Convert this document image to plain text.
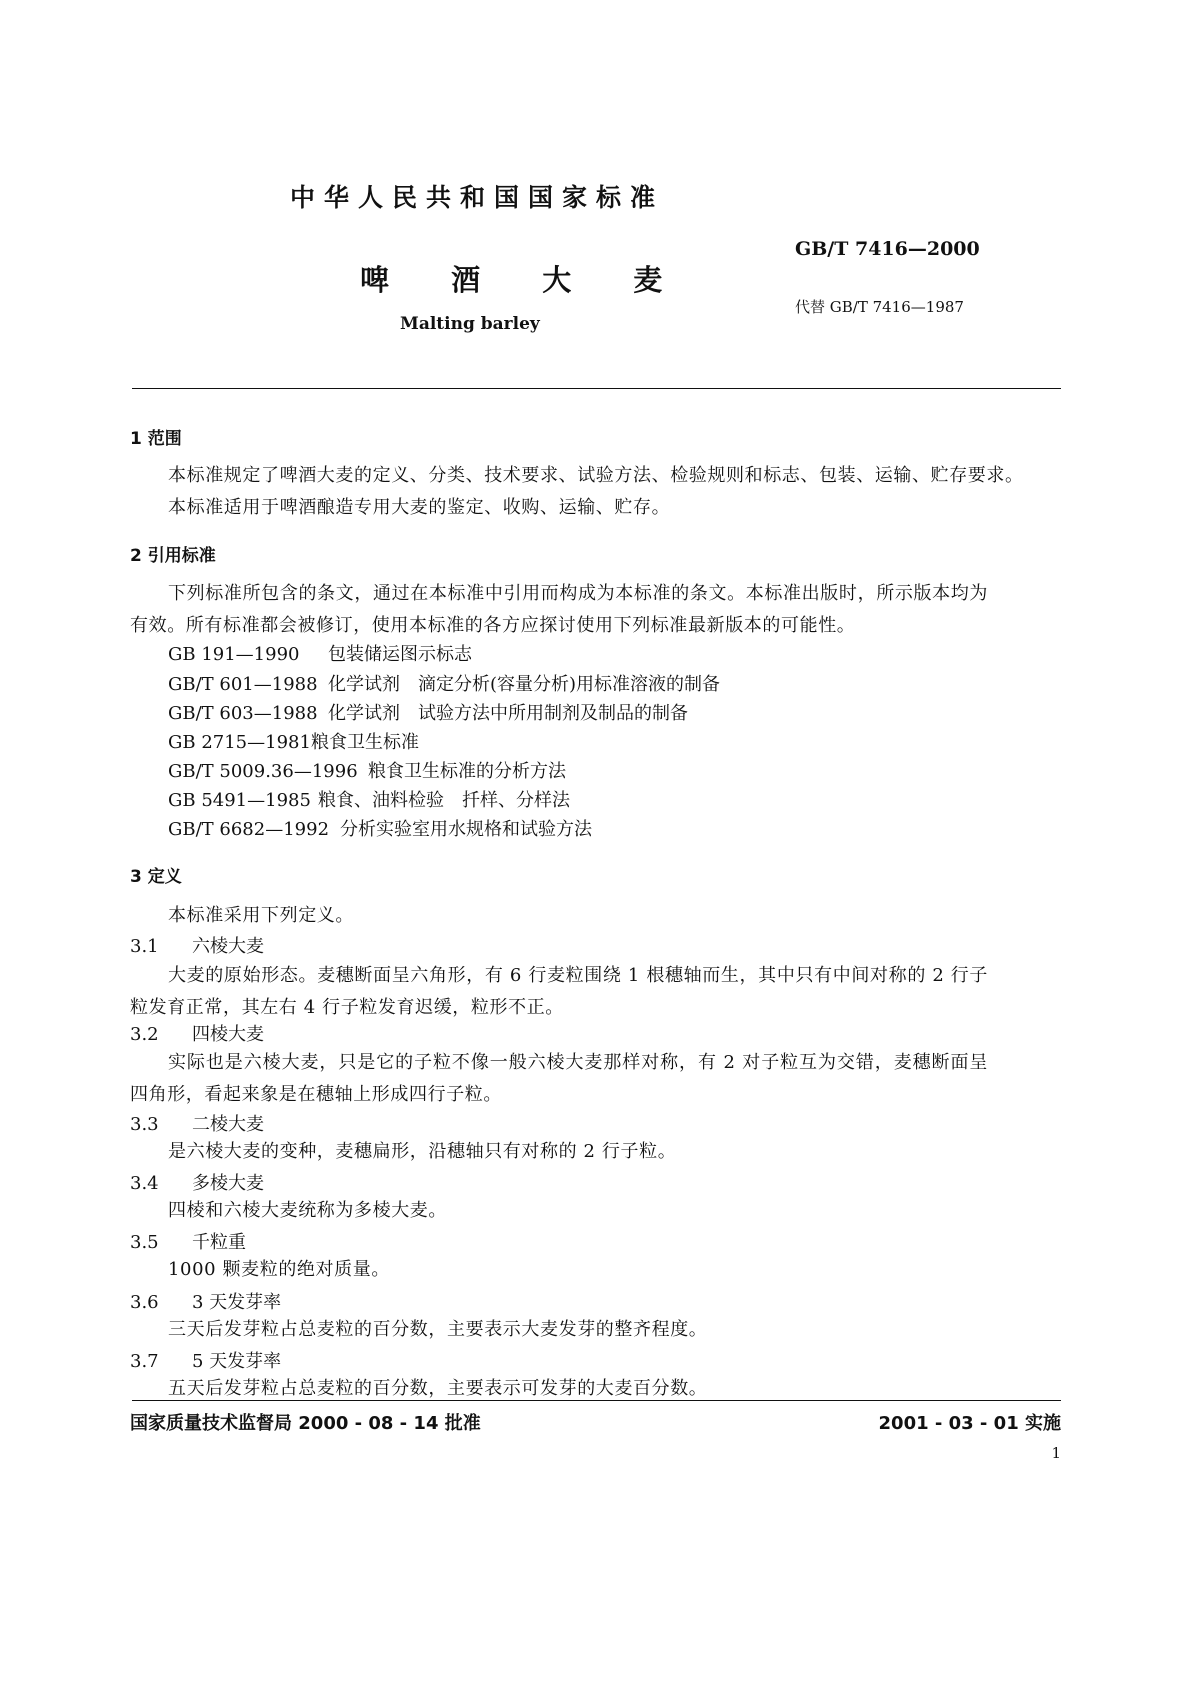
中华人民共和国国家标准
啤 酒 大 麦
Malting barley
GB/T 7416—2000
代替 GB/T 7416—1987
1 范围
本标准规定了啤酒大麦的定义、分类、技术要求、试验方法、检验规则和标志、包装、运输、贮存要求。
本标准适用于啤酒酿造专用大麦的鉴定、收购、运输、贮存。
2 引用标准
下列标准所包含的条文，通过在本标准中引用而构成为本标准的条文。本标准出版时，所示版本均为有效。所有标准都会被修订，使用本标准的各方应探讨使用下列标准最新版本的可能性。
GB 191—1990 包装储运图示标志
GB/T 601—1988 化学试剂　滴定分析(容量分析)用标准溶液的制备
GB/T 603—1988 化学试剂　试验方法中所用制剂及制品的制备
GB 2715—1981粮食卫生标准
GB/T 5009.36—1996 粮食卫生标准的分析方法
GB 5491—1985 粮食、油料检验　扦样、分样法
GB/T 6682—1992 分析实验室用水规格和试验方法
3 定义
本标准采用下列定义。
3.1 六棱大麦
大麦的原始形态。麦穗断面呈六角形，有 6 行麦粒围绕 1 根穗轴而生，其中只有中间对称的 2 行子粒发育正常，其左右 4 行子粒发育迟缓，粒形不正。
3.2 四棱大麦
实际也是六棱大麦，只是它的子粒不像一般六棱大麦那样对称，有 2 对子粒互为交错，麦穗断面呈四角形，看起来象是在穗轴上形成四行子粒。
3.3 二棱大麦
是六棱大麦的变种，麦穗扁形，沿穗轴只有对称的 2 行子粒。
3.4 多棱大麦
四棱和六棱大麦统称为多棱大麦。
3.5 千粒重
1000 颗麦粒的绝对质量。
3.6 3 天发芽率
三天后发芽粒占总麦粒的百分数，主要表示大麦发芽的整齐程度。
3.7 5 天发芽率
五天后发芽粒占总麦粒的百分数，主要表示可发芽的大麦百分数。
国家质量技术监督局 2000 - 08 - 14 批准	2001 - 03 - 01 实施
1
